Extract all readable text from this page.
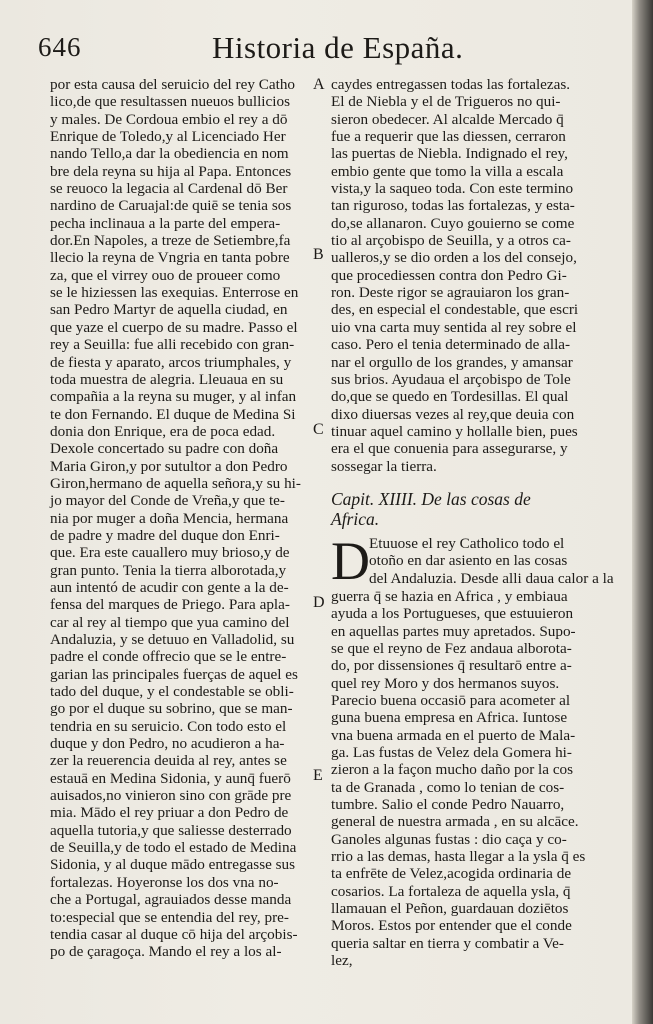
646	Historia de España.
por esta causa del seruicio del rey Catho
lico,de que resultassen nueuos bullicios
y males. De Cordoua embio el rey a dō
Enrique de Toledo,y al Licenciado Her
nando Tello,a dar la obediencia en nom
bre dela reyna su hija al Papa. Entonces
se reuoco la legacia al Cardenal dō Ber
nardino de Caruajal:de quiē se tenia sos
pecha inclinaua a la parte del empera-
dor.En Napoles, a treze de Setiembre,fa
llecio la reyna de Vngria en tanta pobre
za, que el virrey ouo de proueer como
se le hiziessen las exequias. Enterrose en
san Pedro Martyr de aquella ciudad, en
que yaze el cuerpo de su madre. Passo el
rey a Seuilla: fue alli recebido con gran-
de fiesta y aparato, arcos triumphales, y
toda muestra de alegria. Lleuaua en su
compañia a la reyna su muger, y al infan
te don Fernando. El duque de Medina Si
donia don Enrique, era de poca edad.
Dexole concertado su padre con doña
Maria Giron,y por sutultor a don Pedro
Giron,hermano de aquella señora,y su hi-
jo mayor del Conde de Vreña,y que te-
nia por muger a doña Mencia, hermana
de padre y madre del duque don Enri-
que. Era este cauallero muy brioso,y de
gran punto. Tenia la tierra alborotada,y
aun intentó de acudir con gente a la de-
fensa del marques de Priego. Para apla-
car al rey al tiempo que yua camino del
Andaluzia, y se detuuo en Valladolid, su
padre el conde offrecio que se le entre-
garian las principales fuerças de aquel es
tado del duque, y el condestable se obli-
go por el duque su sobrino, que se man-
tendria en su seruicio. Con todo esto el
duque y don Pedro, no acudieron a ha-
zer la reuerencia deuida al rey, antes se
estauā en Medina Sidonia, y aunq̄ fuerō
auisados,no vinieron sino con grāde pre
mia. Mādo el rey priuar a don Pedro de
aquella tutoria,y que saliesse desterrado
de Seuilla,y de todo el estado de Medina
Sidonia, y al duque mādo entregasse sus
fortalezas. Hoyeronse los dos vna no-
che a Portugal, agrauiados desse manda
to:especial que se entendia del rey, pre-
tendia casar al duque cō hija del arçobis-
po de çaragoça. Mando el rey a los al-
A
B
C
D
E
caydes entregassen todas las fortalezas.
El de Niebla y el de Trigueros no qui-
sieron obedecer. Al alcalde Mercado q̄
fue a requerir que las diessen, cerraron
las puertas de Niebla. Indignado el rey,
embio gente que tomo la villa a escala
vista,y la saqueo toda. Con este termino
tan rigurosо, todas las fortalezas, y esta-
do,se allanaron. Cuyo gouierno se come
tio al arçobispo de Seuilla, y a otros ca-
ualleros,y se dio orden a los del consejo,
que procediessen contra don Pedro Gi-
ron. Deste rigor se agrauiaron los gran-
des, en especial el condestable, que escri
uio vna carta muy sentida al rey sobre el
caso. Pero el tenia determinado de alla-
nar el orgullo de los grandes, y amansar
sus brios. Ayudaua el arçobispo de Tole
do,que se quedo en Tordesillas. El qual
dixo diuersas vezes al rey,que deuia con
tinuar aquel camino y hollalle bien, pues
era el que conuenia para assegurarse, y
sossegar la tierra.
Capit. XIIII. De las cosas de
Africa.
D Etuuose el rey Catholico todo el
otoño en dar asiento en las cosas
del Andaluzia. Desde alli daua calor a la
guerra q̄ se hazia en Africa , y embiaua
ayuda a los Portuguеses, que estuuieron
en aquellas partes muy apretados. Supo-
se que el reyno de Fez andaua alborota-
do, por dissensiones q̄ resultarō entre a-
quel rey Moro y dos hermanos suyos.
Parecio buena occasiō para acometer al
guna buena empresa en Africa. Iuntose
vna buena armada en el puerto de Mala-
ga. Las fustas de Velez dela Gomera hi-
zieron a la façon mucho daño por la cos
ta de Granada , como lo tenian de cos-
tumbre. Salio el conde Pedro Nauarro,
general de nuestra armada , en su alcāce.
Ganoles algunas fustas : dio caça y co-
rrio a las demas, hasta llegar a la ysla q̄ es
ta enfrēte de Velez,acogida ordinaria de
cosarios. La fortaleza de aquella ysla, q̄
llamauan el Peñon, guardauan doziētos
Moros. Estos por entender que el conde
queria saltar en tierra y combatir a Ve-
lez,
